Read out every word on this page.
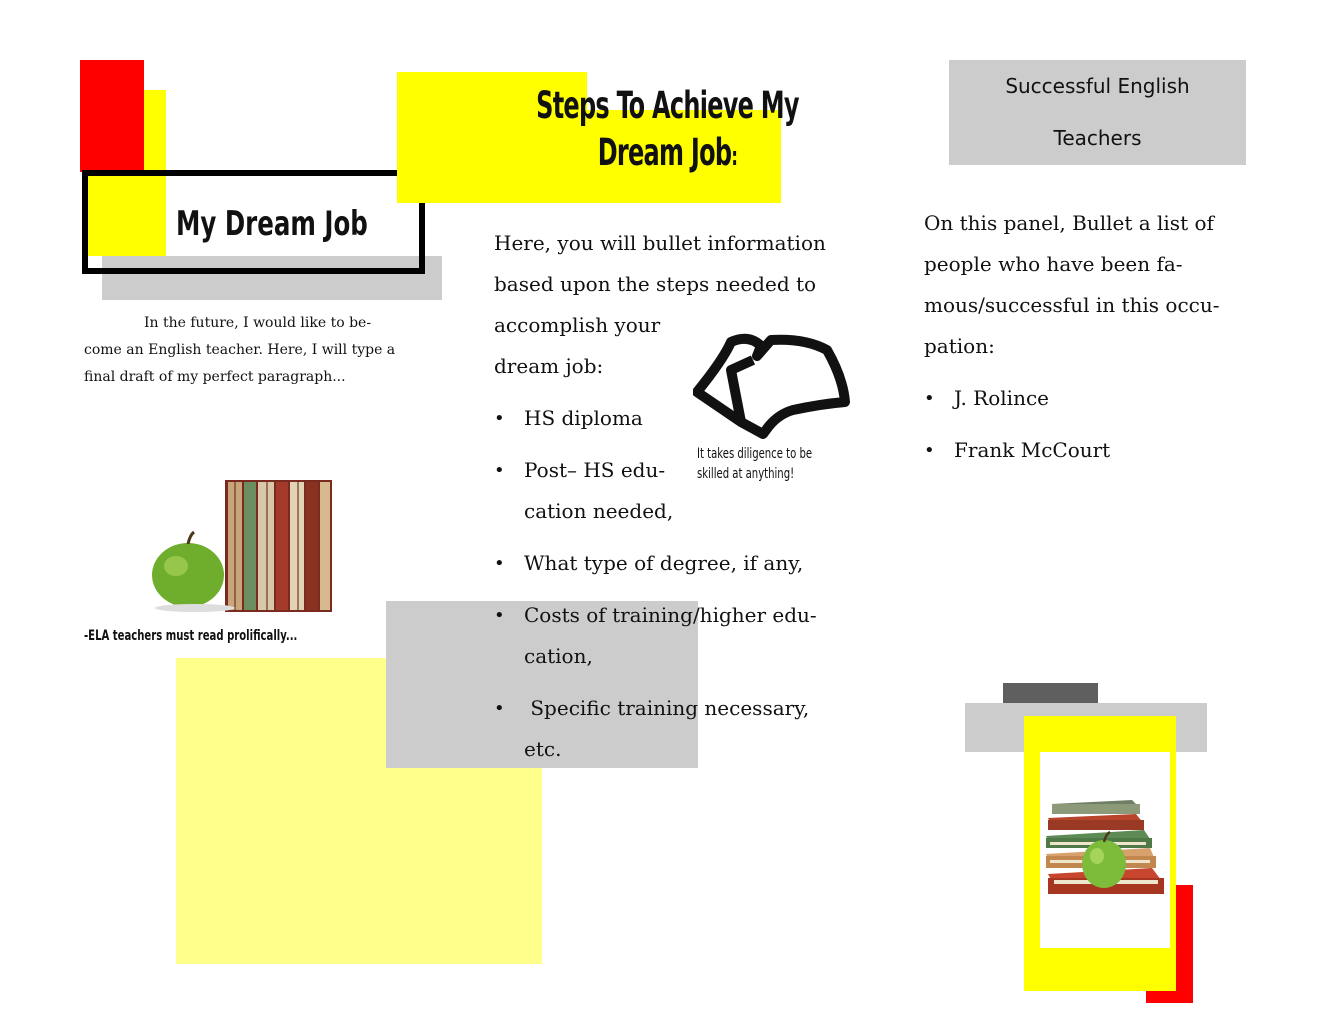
My Dream Job
In the future, I would like to be-
come an English teacher. Here, I will type a
final draft of my perfect paragraph...
-ELA teachers must read prolifically...
Steps To Achieve My
Dream Job:
Here, you will bullet information
based upon the steps needed to
accomplish your
dream job:
• HS diploma
• Post– HS edu-
cation needed,
• What type of degree, if any,
• Costs of training/higher edu-
cation,
•  Specific training necessary,
etc.
It takes diligence to be
skilled at anything!
Successful English
Teachers
On this panel, Bullet a list of
people who have been fa-
mous/successful in this occu-
pation:
• J. Rolince
• Frank McCourt
